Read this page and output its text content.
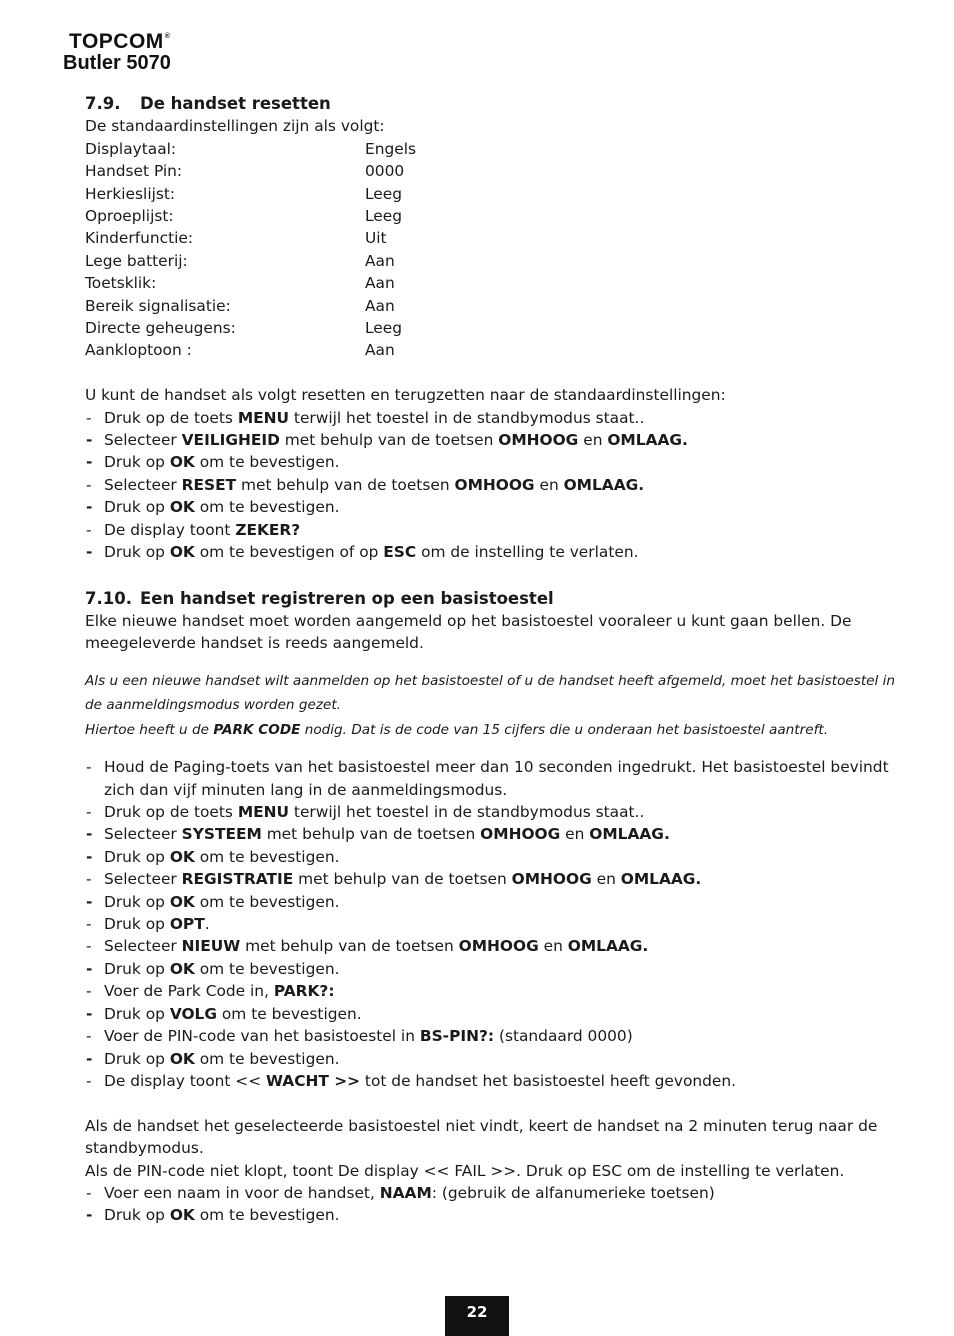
TOPCOM®
Butler 5070
7.9. De handset resetten

De standaardinstellingen zijn als volgt:

Displaytaal:	Engels
Handset Pin:	0000
Herkieslijst:	Leeg
Oproeplijst:	Leeg
Kinderfunctie:	Uit
Lege batterij:	Aan
Toetsklik:	Aan
Bereik signalisatie:	Aan
Directe geheugens:	Leeg
Aankloptoon :	Aan

U kunt de handset als volgt resetten en terugzetten naar de standaardinstellingen:

- Druk op de toets MENU terwijl het toestel in de standbymodus staat..
- Selecteer VEILIGHEID met behulp van de toetsen OMHOOG en OMLAAG.
- Druk op OK om te bevestigen.
- Selecteer RESET met behulp van de toetsen OMHOOG en OMLAAG.
- Druk op OK om te bevestigen.
- De display toont ZEKER?
- Druk op OK om te bevestigen of op ESC om de instelling te verlaten.
7.10. Een handset registreren op een basistoestel

Elke nieuwe handset moet worden aangemeld op het basistoestel vooraleer u kunt gaan bellen. De meegeleverde handset is reeds aangemeld.

Als u een nieuwe handset wilt aanmelden op het basistoestel of u de handset heeft afgemeld, moet het basistoestel in de aanmeldingsmodus worden gezet.

Hiertoe heeft u de PARK CODE nodig. Dat is de code van 15 cijfers die u onderaan het basistoestel aantreft.

- Houd de Paging-toets van het basistoestel meer dan 10 seconden ingedrukt. Het basistoestel bevindt zich dan vijf minuten lang in de aanmeldingsmodus.
- Druk op de toets MENU terwijl het toestel in de standbymodus staat..
- Selecteer SYSTEEM met behulp van de toetsen OMHOOG en OMLAAG.
- Druk op OK om te bevestigen.
- Selecteer REGISTRATIE met behulp van de toetsen OMHOOG en OMLAAG.
- Druk op OK om te bevestigen.
- Druk op OPT.
- Selecteer NIEUW met behulp van de toetsen OMHOOG en OMLAAG.
- Druk op OK om te bevestigen.
- Voer de Park Code in, PARK?:
- Druk op VOLG om te bevestigen.
- Voer de PIN-code van het basistoestel in BS-PIN?: (standaard 0000)
- Druk op OK om te bevestigen.
- De display toont << WACHT >> tot de handset het basistoestel heeft gevonden.

Als de handset het geselecteerde basistoestel niet vindt, keert de handset na 2 minuten terug naar de standbymodus.

Als de PIN-code niet klopt, toont De display << FAIL >>. Druk op ESC om de instelling te verlaten.

- Voer een naam in voor de handset, NAAM: (gebruik de alfanumerieke toetsen)
- Druk op OK om te bevestigen.
22
